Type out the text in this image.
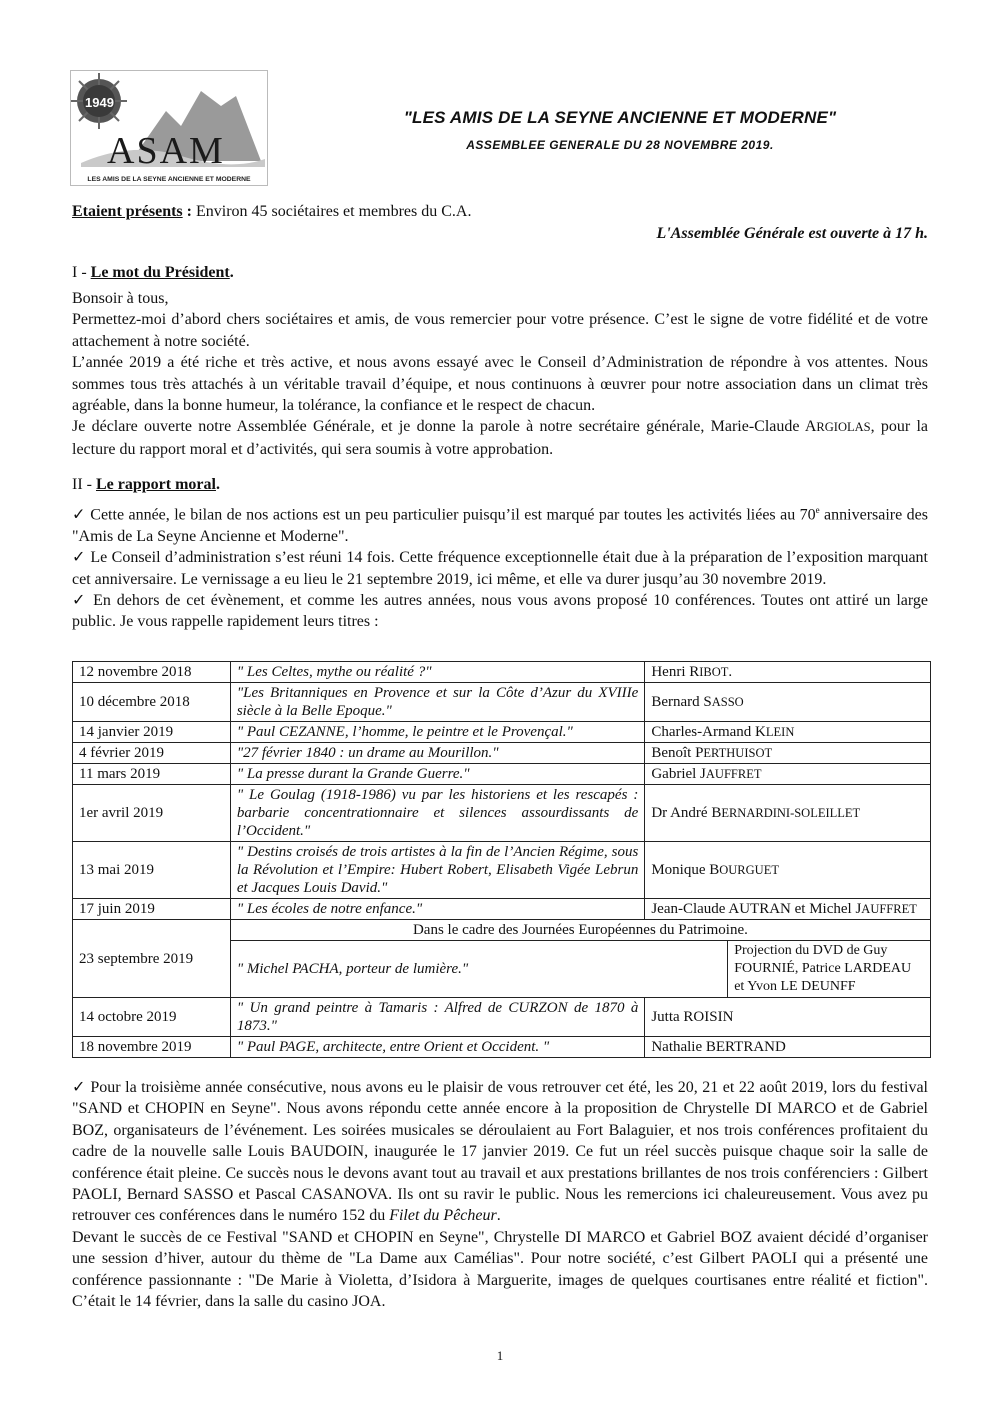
1949
ASAM
LES AMIS DE LA SEYNE ANCIENNE ET MODERNE
"LES AMIS DE LA SEYNE ANCIENNE ET MODERNE"
ASSEMBLEE GENERALE DU 28 NOVEMBRE 2019.
Etaient présents : Environ 45 sociétaires et membres du C.A.
L'Assemblée Générale est ouverte à 17 h.
I - Le mot du Président.
Bonsoir à tous,
Permettez-moi d’abord chers sociétaires et amis, de vous remercier pour votre présence. C’est le signe de votre fidélité et de votre attachement à notre société.
L’année 2019 a été riche et très active, et nous avons essayé avec le Conseil d’Administration de répondre à vos attentes. Nous sommes tous très attachés à un véritable travail d’équipe, et nous continuons à œuvrer pour notre association dans un climat très agréable, dans la bonne humeur, la tolérance, la confiance et le respect de chacun.
Je déclare ouverte notre Assemblée Générale, et je donne la parole à notre secrétaire générale, Marie-Claude ARGIOLAS, pour la lecture du rapport moral et d’activités, qui sera soumis à votre approbation.
II - Le rapport moral.
✓ Cette année, le bilan de nos actions est un peu particulier puisqu’il est marqué par toutes les activités liées au 70e anniversaire des "Amis de La Seyne Ancienne et Moderne".
✓ Le Conseil d’administration s’est réuni 14 fois. Cette fréquence exceptionnelle était due à la préparation de l’exposition marquant cet anniversaire. Le vernissage a eu lieu le 21 septembre 2019, ici même, et elle va durer jusqu’au 30 novembre 2019.
✓ En dehors de cet évènement, et comme les autres années, nous vous avons proposé 10 conférences. Toutes ont attiré un large public. Je vous rappelle rapidement leurs titres :
12 novembre 2018	" Les Celtes, mythe ou réalité ?"	Henri RIBOT.	
10 décembre 2018	"Les Britanniques en Provence et sur la Côte d’Azur du XVIIIe siècle à la Belle Epoque."	Bernard SASSO	
14 janvier 2019	" Paul CEZANNE, l’homme, le peintre et le Provençal."	Charles-Armand KLEIN	
4 février 2019	"27 février 1840 : un drame au Mourillon."	Benoît PERTHUISOT	
11 mars 2019	" La presse durant la Grande Guerre."	Gabriel JAUFFRET	
1er avril 2019	" Le Goulag (1918-1986) vu par les historiens et les rescapés : barbarie concentrationnaire et silences assourdissants de l’Occident."	Dr André BERNARDINI-SOLEILLET	
13 mai 2019	" Destins croisés de trois artistes à la fin de l’Ancien Régime, sous la Révolution et l’Empire: Hubert Robert, Elisabeth Vigée Lebrun et Jacques Louis David."	Monique BOURGUET	
17 juin 2019	" Les écoles de notre enfance."	Jean-Claude AUTRAN et Michel JAUFFRET	
23 septembre 2019	Dans le cadre des Journées Européennes du Patrimoine.		
	" Michel PACHA, porteur de lumière."		Projection du DVD de Guy FOURNIÉ, Patrice LARDEAU et Yvon LE DEUNFF
14 octobre 2019	" Un grand peintre à Tamaris : Alfred de CURZON de 1870 à 1873."	Jutta ROISIN	
18 novembre 2019	" Paul PAGE, architecte, entre Orient et Occident. "	Nathalie BERTRAND	
✓ Pour la troisième année consécutive, nous avons eu le plaisir de vous retrouver cet été, les 20, 21 et 22 août 2019, lors du festival "SAND et CHOPIN en Seyne". Nous avons répondu cette année encore à la proposition de Chrystelle DI MARCO et de Gabriel BOZ, organisateurs de l’événement. Les soirées musicales se déroulaient au Fort Balaguier, et nos trois conférences profitaient du cadre de la nouvelle salle Louis BAUDOIN, inaugurée le 17 janvier 2019. Ce fut un réel succès puisque chaque soir la salle de conférence était pleine. Ce succès nous le devons avant tout au travail et aux prestations brillantes de nos trois conférenciers : Gilbert PAOLI, Bernard SASSO et Pascal CASANOVA. Ils ont su ravir le public. Nous les remercions ici chaleureusement. Vous avez pu retrouver ces conférences dans le numéro 152 du Filet du Pêcheur.
Devant le succès de ce Festival "SAND et CHOPIN en Seyne", Chrystelle DI MARCO et Gabriel BOZ avaient décidé d’organiser une session d’hiver, autour du thème de "La Dame aux Camélias". Pour notre société, c’est Gilbert PAOLI qui a présenté une conférence passionnante : "De Marie à Violetta, d’Isidora à Marguerite, images de quelques courtisanes entre réalité et fiction". C’était le 14 février, dans la salle du casino JOA.
1
